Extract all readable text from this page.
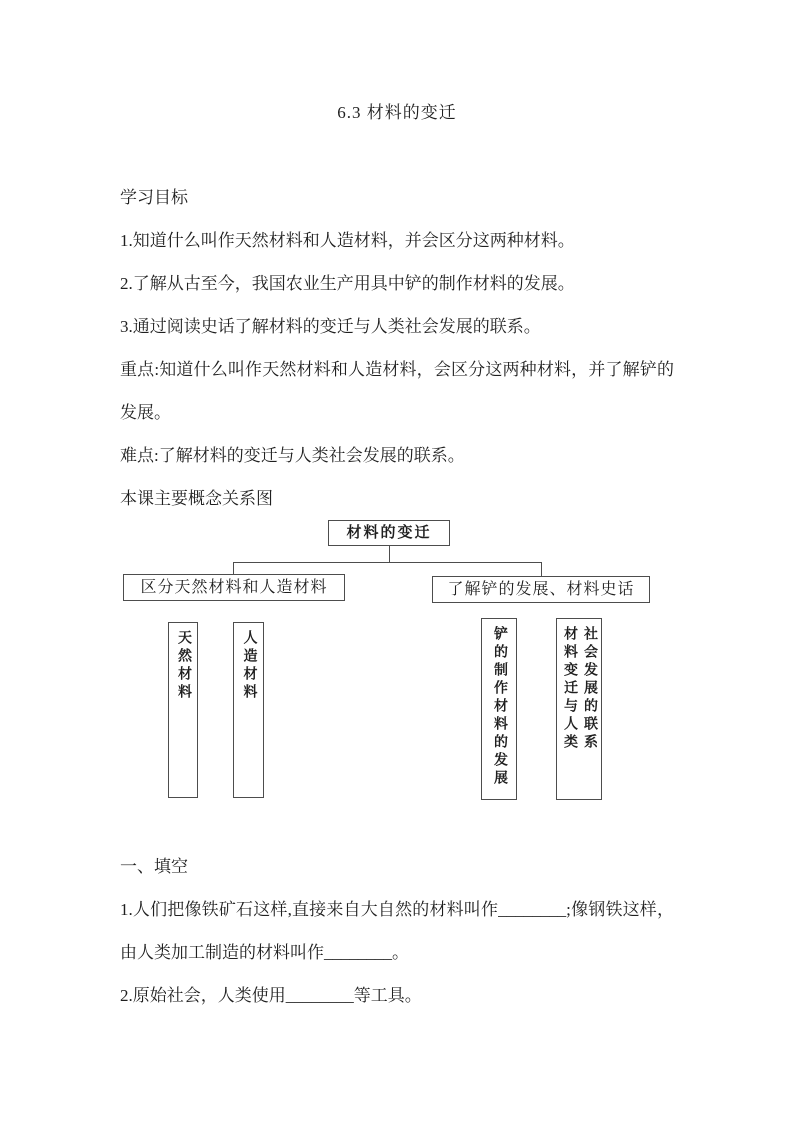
6.3 材料的变迁

学习目标

1.知道什么叫作天然材料和人造材料，并会区分这两种材料。

2.了解从古至今，我国农业生产用具中铲的制作材料的发展。

3.通过阅读史话了解材料的变迁与人类社会发展的联系。

重点:知道什么叫作天然材料和人造材料，会区分这两种材料，并了解铲的发展。

难点:了解材料的变迁与人类社会发展的联系。

本课主要概念关系图

材料的变迁
区分天然材料和人造材料	了解铲的发展、材料史话
天然材料	人造材料	铲的制作材料的发展	材料变迁与人类社会发展的联系

一、填空

1.人们把像铁矿石这样,直接来自大自然的材料叫作________;像钢铁这样，由人类加工制造的材料叫作________。

2.原始社会，人类使用________等工具。
